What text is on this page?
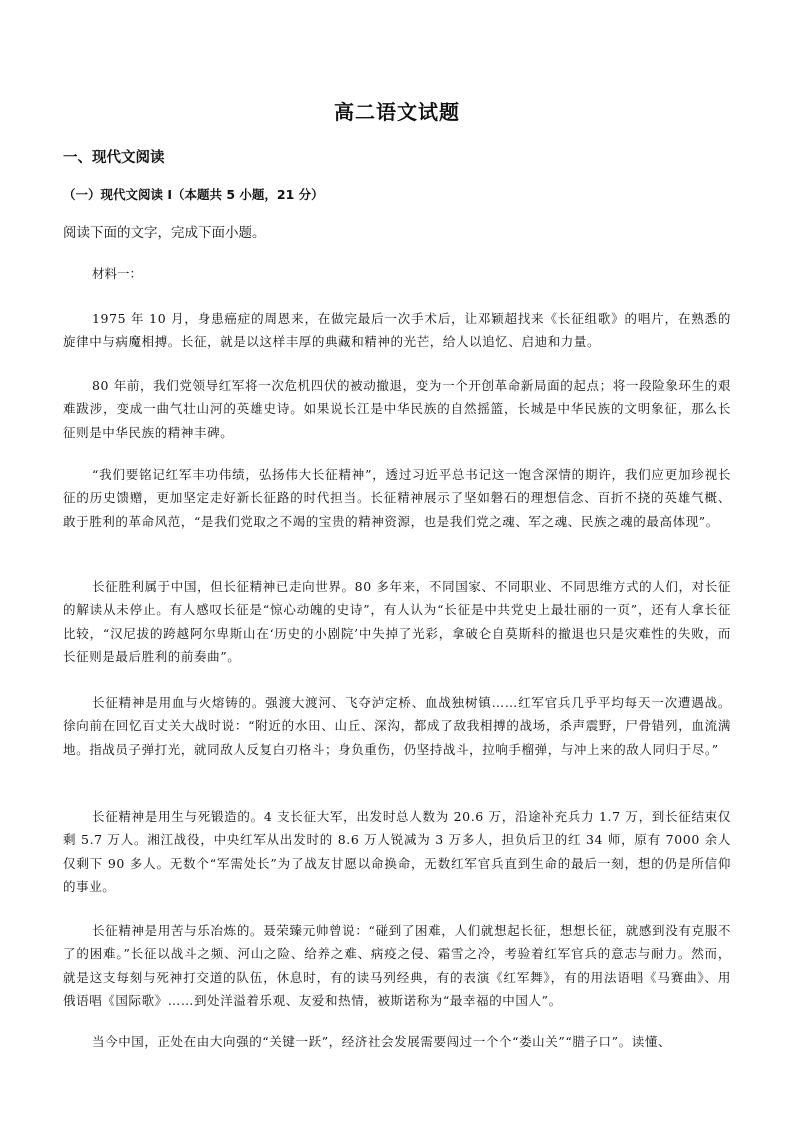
高二语文试题
一、现代文阅读
（一）现代文阅读 I（本题共 5 小题，21 分）
阅读下面的文字，完成下面小题。
材料一：

1975 年 10 月，身患癌症的周恩来，在做完最后一次手术后，让邓颖超找来《长征组歌》的唱片，在熟悉的旋律中与病魔相搏。长征，就是以这样丰厚的典藏和精神的光芒，给人以追忆、启迪和力量。

80 年前，我们党领导红军将一次危机四伏的被动撤退，变为一个开创革命新局面的起点；将一段险象环生的艰难跋涉，变成一曲气壮山河的英雄史诗。如果说长江是中华民族的自然摇篮，长城是中华民族的文明象征，那么长征则是中华民族的精神丰碑。

“我们要铭记红军丰功伟绩，弘扬伟大长征精神”，透过习近平总书记这一饱含深情的期许，我们应更加珍视长征的历史馈赠，更加坚定走好新长征路的时代担当。长征精神展示了坚如磐石的理想信念、百折不挠的英雄气概、敢于胜利的革命风范，“是我们党取之不竭的宝贵的精神资源，也是我们党之魂、军之魂、民族之魂的最高体现”。

长征胜利属于中国，但长征精神已走向世界。80 多年来，不同国家、不同职业、不同思维方式的人们，对长征的解读从未停止。有人感叹长征是“惊心动魄的史诗”，有人认为“长征是中共党史上最壮丽的一页”，还有人拿长征比较，“汉尼拔的跨越阿尔卑斯山在‘历史的小剧院’中失掉了光彩，拿破仑自莫斯科的撤退也只是灾难性的失败，而长征则是最后胜利的前奏曲”。

长征精神是用血与火熔铸的。强渡大渡河、飞夺泸定桥、血战独树镇……红军官兵几乎平均每天一次遭遇战。徐向前在回忆百丈关大战时说：“附近的水田、山丘、深沟，都成了敌我相搏的战场，杀声震野，尸骨错列，血流满地。指战员子弹打光，就同敌人反复白刃格斗；身负重伤，仍坚持战斗，拉响手榴弹，与冲上来的敌人同归于尽。”

长征精神是用生与死锻造的。4 支长征大军，出发时总人数为 20.6 万，沿途补充兵力 1.7 万，到长征结束仅剩 5.7 万人。湘江战役，中央红军从出发时的 8.6 万人锐减为 3 万多人，担负后卫的红 34 师，原有 7000 余人仅剩下 90 多人。无数个“军需处长”为了战友甘愿以命换命，无数红军官兵直到生命的最后一刻，想的仍是所信仰的事业。

长征精神是用苦与乐冶炼的。聂荣臻元帅曾说：“碰到了困难，人们就想起长征，想想长征，就感到没有克服不了的困难。”长征以战斗之频、河山之险、给养之难、病疫之侵、霜雪之冷，考验着红军官兵的意志与耐力。然而，就是这支每刻与死神打交道的队伍，休息时，有的读马列经典，有的表演《红军舞》，有的用法语唱《马赛曲》、用俄语唱《国际歌》……到处洋溢着乐观、友爱和热情，被斯诺称为“最幸福的中国人”。

当今中国，正处在由大向强的“关键一跃”，经济社会发展需要闯过一个个“娄山关”“腊子口”。读懂、
